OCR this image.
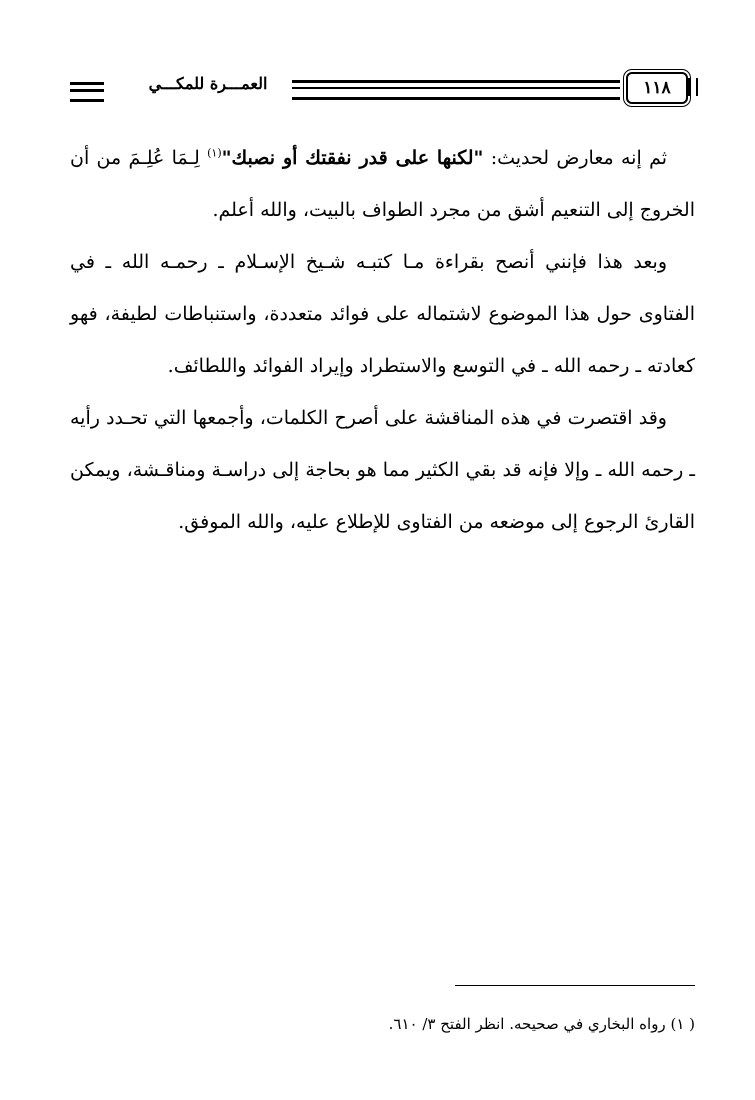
العمـــرة للمكـــي	١١٨

ثم إنه معارض لحديث: "لكنها على قدر نفقتك أو نصبك"$^{(١)}$ لِـمَا عُلِـمَ من أن الخروج إلى التنعيم أشق من مجرد الطواف بالبيت، والله أعلم.

وبعد هذا فإنني أنصح بقراءة مـا كتبـه شـيخ الإسـلام ـ رحمـه الله ـ في الفتاوى حول هذا الموضوع لاشتماله على فوائد متعددة، واستنباطات لطيفة، فهو كعادته ـ رحمه الله ـ في التوسع والاستطراد وإيراد الفوائد واللطائف.

وقد اقتصرت في هذه المناقشة على أصرح الكلمات، وأجمعها التي تحـدد رأيه ـ رحمه الله ـ وإلا فإنه قد بقي الكثير مما هو بحاجة إلى دراسـة ومناقـشة، ويمكن القارئ الرجوع إلى موضعه من الفتاوى للإطلاع عليه، والله الموفق.

( ١) رواه البخاري في صحيحه. انظر الفتح ٣/ ٦١٠.
